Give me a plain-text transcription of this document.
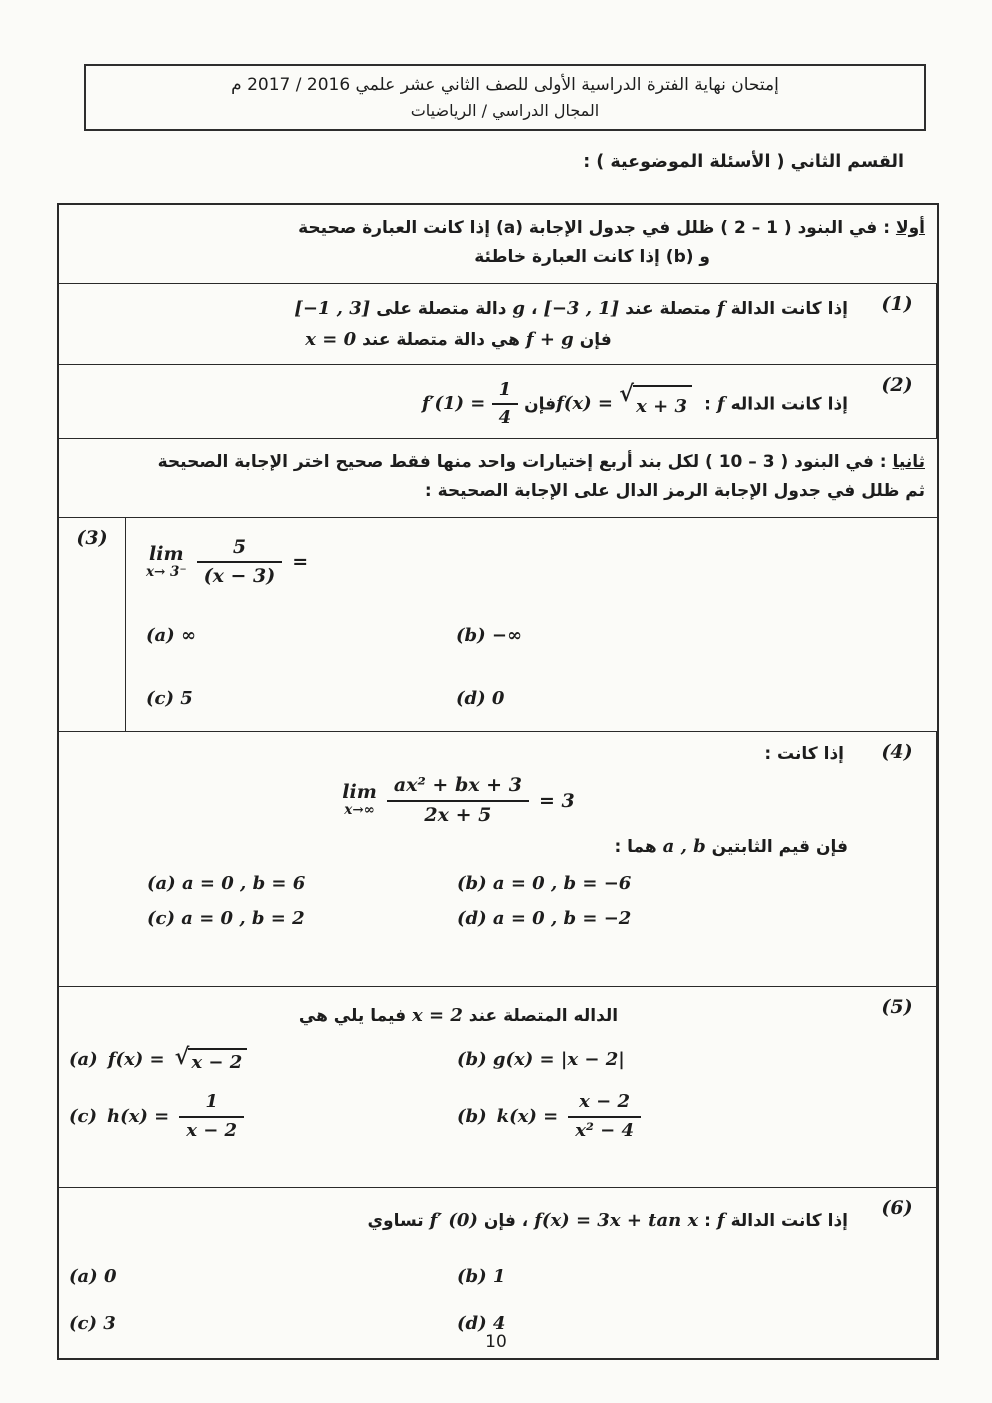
إمتحان نهاية الفترة الدراسية الأولى للصف الثاني عشر علمي 2016 / 2017 م
المجال الدراسي / الرياضيات
القسم الثاني ( الأسئلة الموضوعية ) :
أولا : في البنود ( 1 – 2 ) ظلل في جدول الإجابة (a) إذا كانت العبارة صحيحة
و (b) إذا كانت العبارة خاطئة
(1)
إذا كانت الدالة f متصلة عند [−3 , 1] ، g دالة متصلة على [−1 , 3]
فإن f + g هي دالة متصلة عند x = 0
(2)
إذا كانت الداله f : f(x) = √ x + 3
فإن $f'(1) = \frac{1}{4}$
ثانيا : في البنود ( 3 – 10 ) لكل بند أربع إختيارات واحد منها فقط صحيح اختر الإجابة الصحيحة
ثم ظلل في جدول الإجابة الرمز الدال على الإجابة الصحيحة :
(3)
lim
$x\to 3^- \frac{5}{(x - 3)}$ =
(a) ∞	(b) −∞
(c) 5	(d) 0
(4)
إذا كانت :
lim
$x\to\infty \frac{\text{ax² + bx + 3}}{2x + 5} = 3$
فإن قيم الثابتين a , b هما :
(a) a = 0 , b = 6	(b) a = 0 , b = −6
(c) a = 0 , b = 2	(d) a = 0 , b = −2
(5)
الداله المتصلة عند x = 2 فيما يلي هي
(a) f(x) = √ x − 2	(b) g(x) = |x − 2|
(c) $h(x) = \frac{1}{x - 2}$	(b) $k(x) = \frac{x - 2}{\text{x² − 4}}$
(6)
إذا كانت الدالة f : f(x) = 3x + tan x ، فإن f′ (0) تساوي
(a) 0	(b) 1
(c) 3	(d) 4
10
